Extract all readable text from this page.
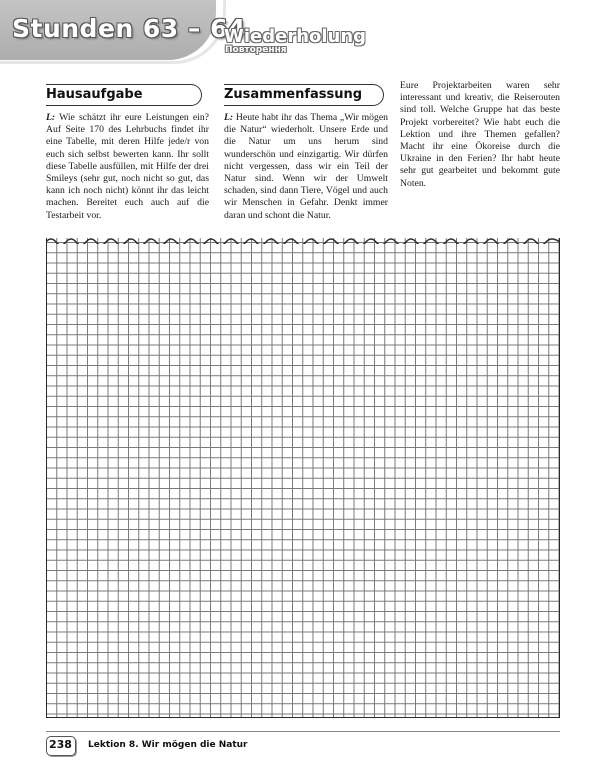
Stunden 63 – 64
Wiederholung
Повторення
Hausaufgabe	Zusammenfassung
L: Wie schätzt ihr eure Leistungen ein? Auf Seite 170 des Lehrbuchs findet ihr eine Tabelle, mit deren Hilfe jede/r von euch sich selbst bewerten kann. Ihr sollt diese Tabelle ausfüllen, mit Hilfe der drei Smileys (sehr gut, noch nicht so gut, das kann ich noch nicht) könnt ihr das leicht machen. Bereitet euch auch auf die Testarbeit vor.
L: Heute habt ihr das Thema „Wir mögen die Natur“ wiederholt. Unsere Erde und die Natur um uns herum sind wunderschön und einzigartig. Wir dürfen nicht vergessen, dass wir ein Teil der Natur sind. Wenn wir der Umwelt schaden, sind dann Tiere, Vögel und auch wir Menschen in Gefahr. Denkt immer daran und schont die Natur.
Eure Projektarbeiten waren sehr interessant und kreativ, die Reiserouten sind toll. Welche Gruppe hat das beste Projekt vorbereitet? Wie habt euch die Lektion und ihre Themen gefallen? Macht ihr eine Ökoreise durch die Ukraine in den Ferien? Ihr habt heute sehr gut gearbeitet und bekommt gute Noten.
238 Lektion 8. Wir mögen die Natur
